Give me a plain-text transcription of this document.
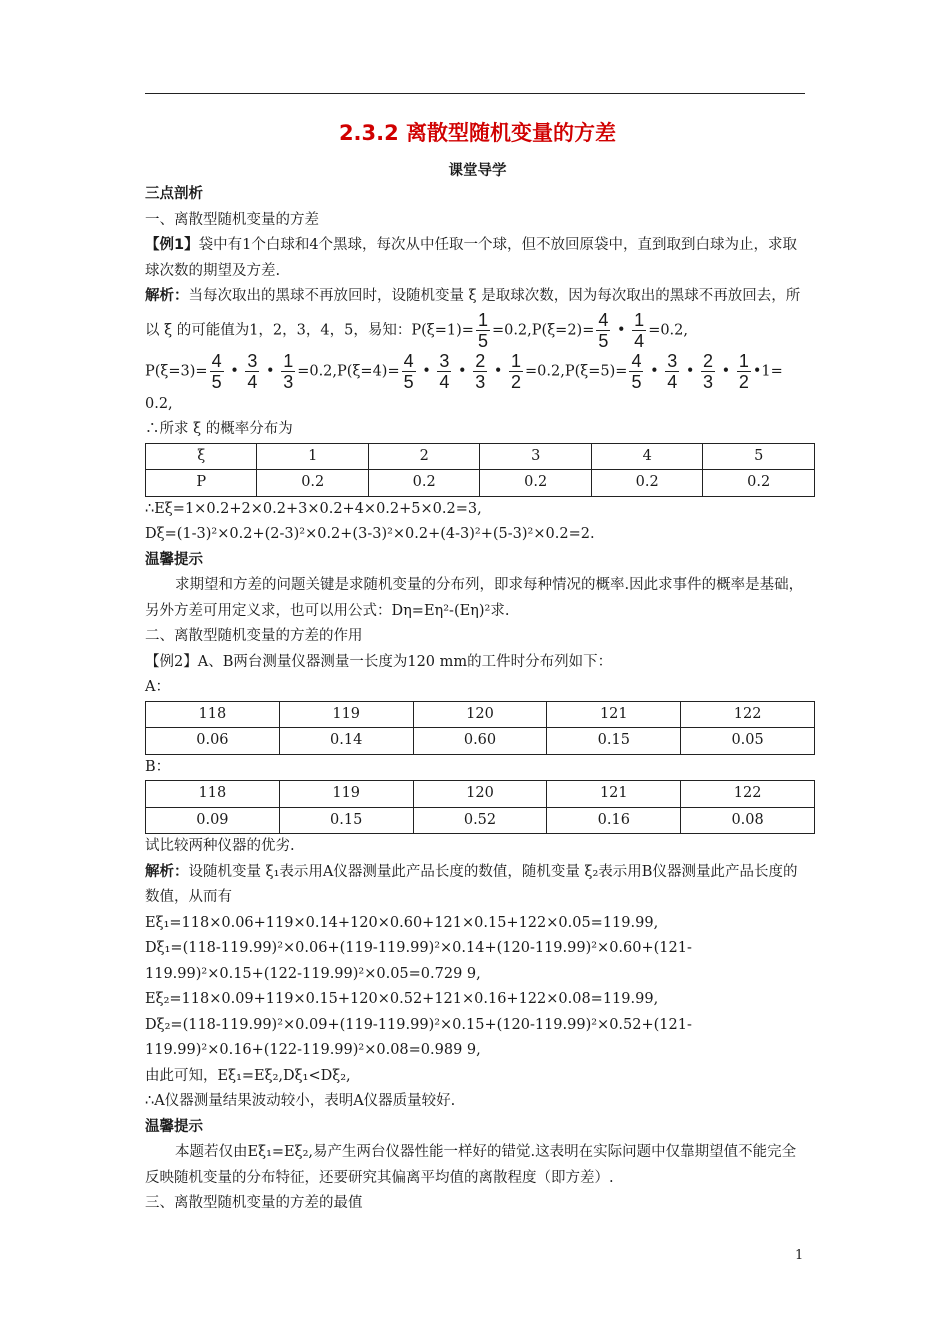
2.3.2 离散型随机变量的方差
课堂导学

三点剖析

一、离散型随机变量的方差

【例1】袋中有1个白球和4个黑球，每次从中任取一个球，但不放回原袋中，直到取到白球为止，求取球次数的期望及方差.

解析：当每次取出的黑球不再放回时，设随机变量 ξ 是取球次数，因为每次取出的黑球不再放回去，所以 ξ 的可能值为1，2，3，4，5，易知：$P(\xi=1)= \frac{1}{5} =0.2,P(\xi=2)= \frac{4}{5}$ • $\frac{1}{4} =0.2$,

$P(\xi=3)= \frac{4}{5}$ • $\frac{3}{4}$ • $\frac{1}{3} =0.2,P(\xi=4)= \frac{4}{5}$ • $\frac{3}{4}$ • $\frac{2}{3}$ • $\frac{1}{2} =0.2,P(\xi=5)= \frac{4}{5}$ • $\frac{3}{4}$ • $\frac{2}{3}$ • $\frac{1}{2}$ •1=

0.2,

∴所求 ξ 的概率分布为

ξ	1	2	3	4	5
P	0.2	0.2	0.2	0.2	0.2

∴Eξ=1×0.2+2×0.2+3×0.2+4×0.2+5×0.2=3,

Dξ=(1-3)²×0.2+(2-3)²×0.2+(3-3)²×0.2+(4-3)²+(5-3)²×0.2=2.

温馨提示

求期望和方差的问题关键是求随机变量的分布列，即求每种情况的概率.因此求事件的概率是基础，另外方差可用定义求，也可以用公式：Dη=Eη²-(Eη)²求.

二、离散型随机变量的方差的作用

【例2】A、B两台测量仪器测量一长度为120 mm的工件时分布列如下：

A：

118	119	120	121	122
0.06	0.14	0.60	0.15	0.05

B：

118	119	120	121	122
0.09	0.15	0.52	0.16	0.08

试比较两种仪器的优劣.

解析：设随机变量 ξ₁表示用A仪器测量此产品长度的数值，随机变量 ξ₂表示用B仪器测量此产品长度的数值，从而有

Eξ₁=118×0.06+119×0.14+120×0.60+121×0.15+122×0.05=119.99,

Dξ₁=(118-119.99)²×0.06+(119-119.99)²×0.14+(120-119.99)²×0.60+(121-

119.99)²×0.15+(122-119.99)²×0.05=0.729 9,

Eξ₂=118×0.09+119×0.15+120×0.52+121×0.16+122×0.08=119.99,

Dξ₂=(118-119.99)²×0.09+(119-119.99)²×0.15+(120-119.99)²×0.52+(121-

119.99)²×0.16+(122-119.99)²×0.08=0.989 9,

由此可知，Eξ₁=Eξ₂,Dξ₁<Dξ₂,

∴A仪器测量结果波动较小，表明A仪器质量较好.

温馨提示

本题若仅由Eξ₁=Eξ₂,易产生两台仪器性能一样好的错觉.这表明在实际问题中仅靠期望值不能完全反映随机变量的分布特征，还要研究其偏离平均值的离散程度（即方差）.

三、离散型随机变量的方差的最值

1
